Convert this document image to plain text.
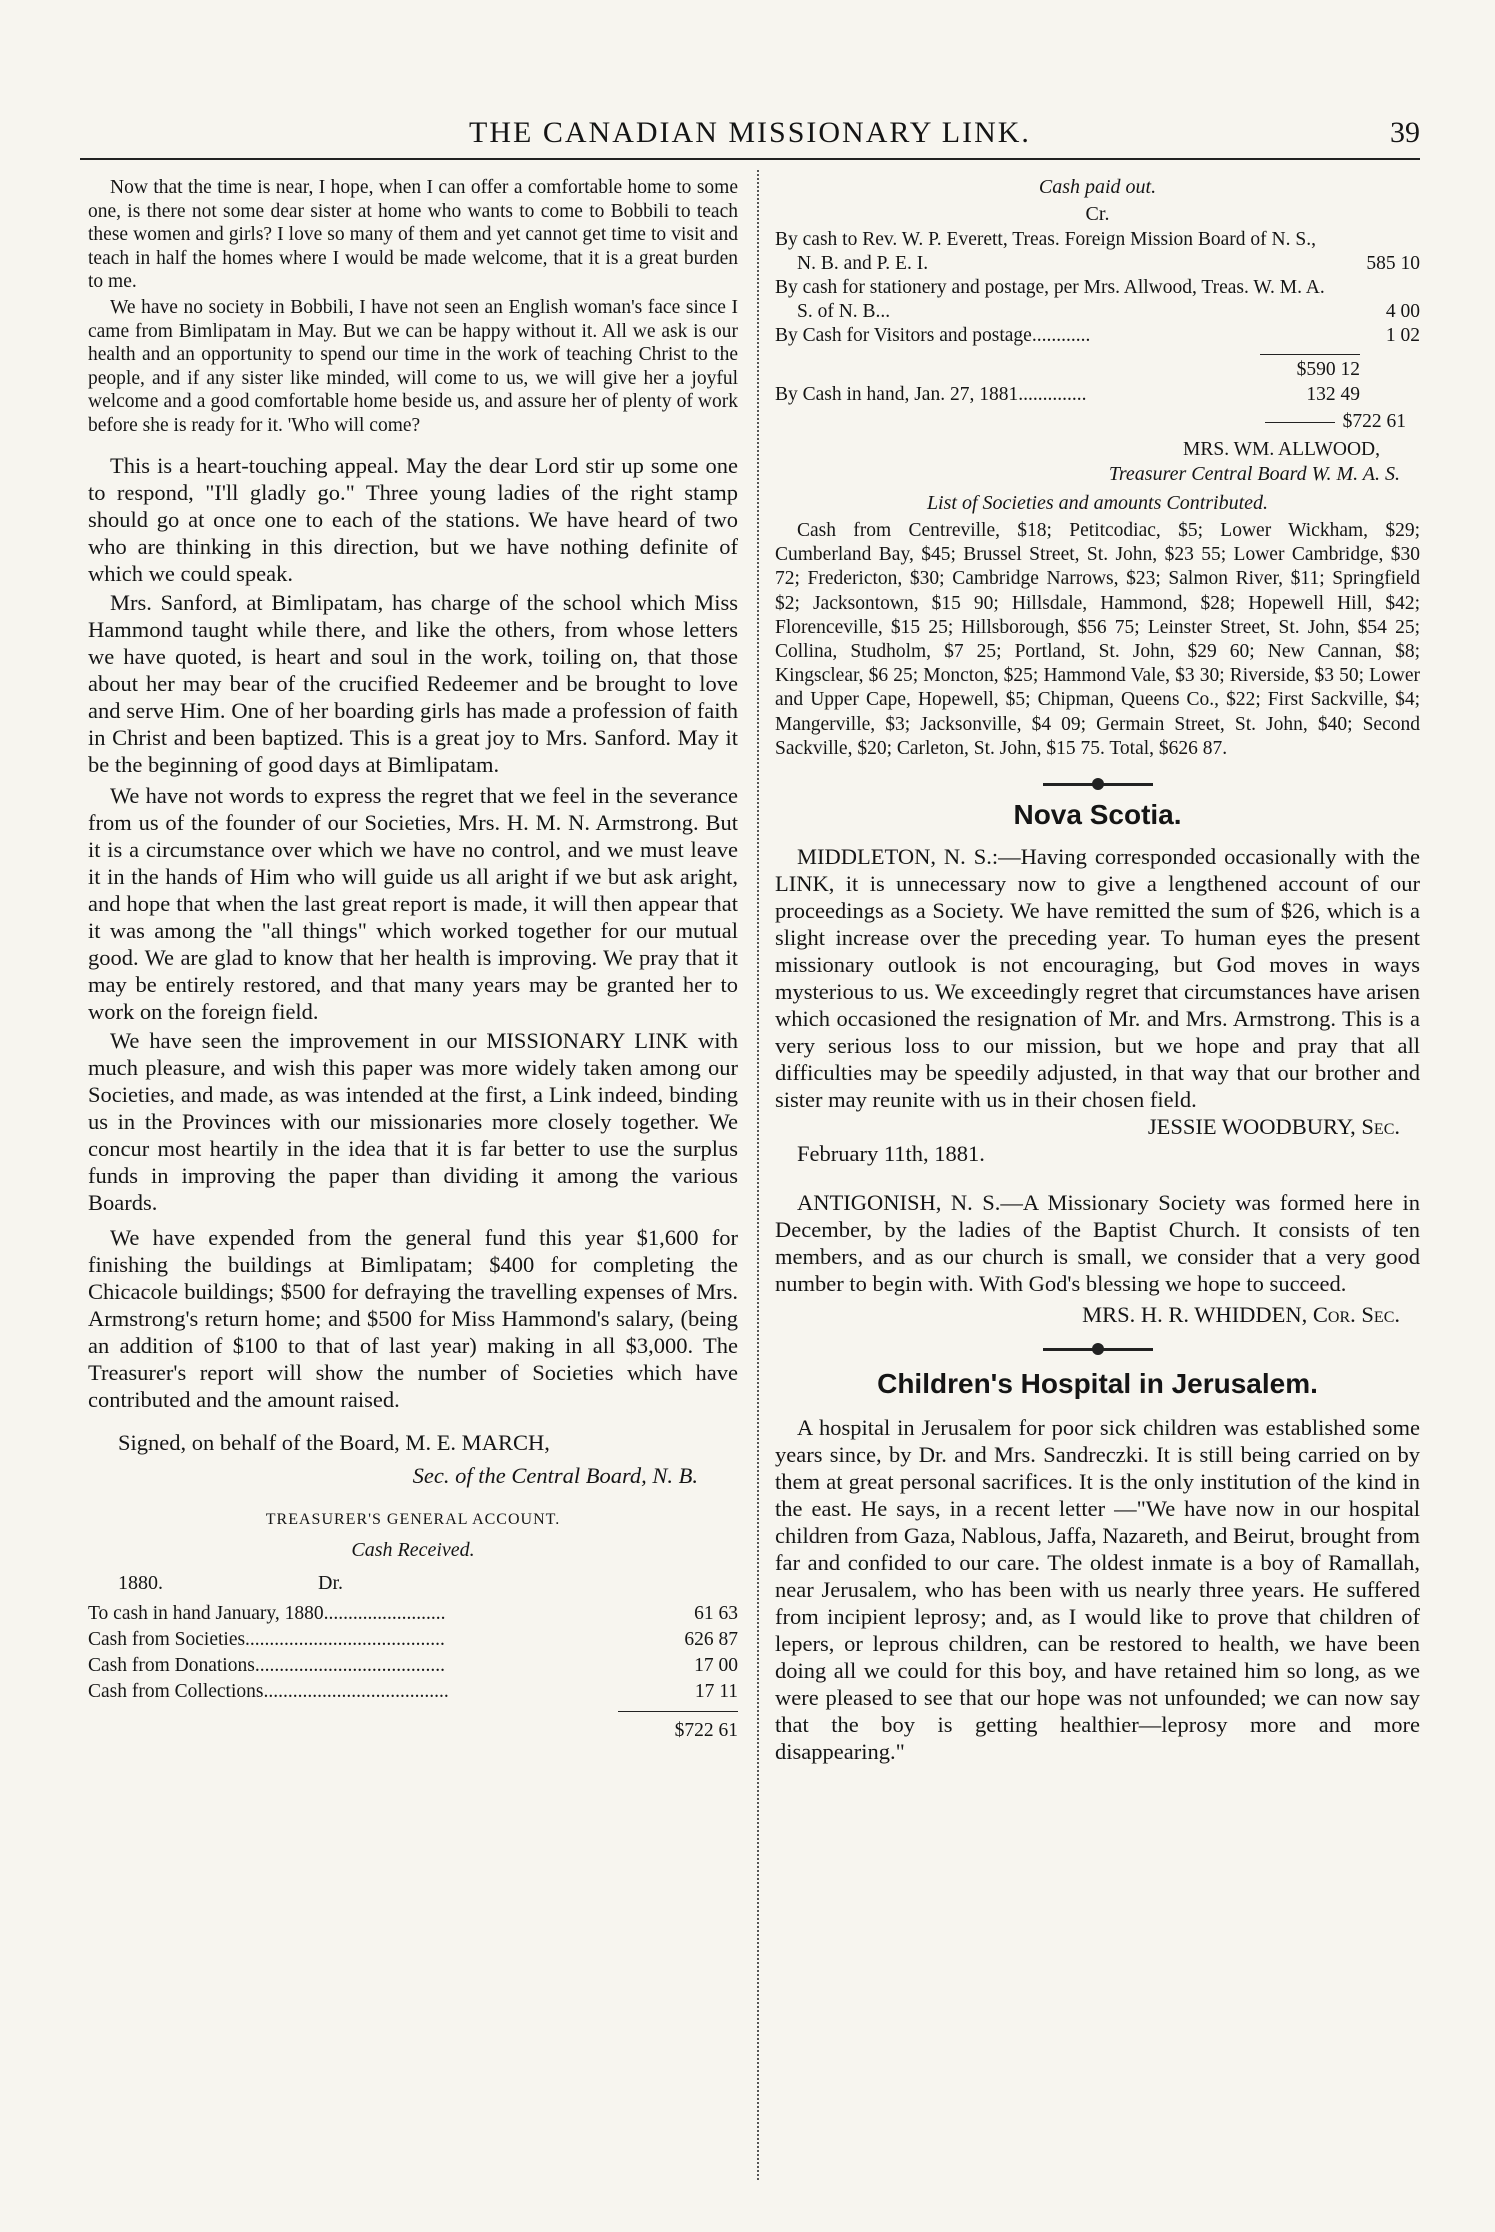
THE CANADIAN MISSIONARY LINK.	39

Now that the time is near, I hope, when I can offer a comfortable home to some one, is there not some dear sister at home who wants to come to Bobbili to teach these women and girls? I love so many of them and yet cannot get time to visit and teach in half the homes where I would be made welcome, that it is a great burden to me.

We have no society in Bobbili, I have not seen an English woman's face since I came from Bimlipatam in May. But we can be happy without it. All we ask is our health and an opportunity to spend our time in the work of teaching Christ to the people, and if any sister like minded, will come to us, we will give her a joyful welcome and a good comfortable home beside us, and assure her of plenty of work before she is ready for it. 'Who will come?

This is a heart-touching appeal. May the dear Lord stir up some one to respond, "I'll gladly go." Three young ladies of the right stamp should go at once one to each of the stations. We have heard of two who are thinking in this direction, but we have nothing definite of which we could speak.

Mrs. Sanford, at Bimlipatam, has charge of the school which Miss Hammond taught while there, and like the others, from whose letters we have quoted, is heart and soul in the work, toiling on, that those about her may bear of the crucified Redeemer and be brought to love and serve Him. One of her boarding girls has made a profession of faith in Christ and been baptized. This is a great joy to Mrs. Sanford. May it be the beginning of good days at Bimlipatam.

We have not words to express the regret that we feel in the severance from us of the founder of our Societies, Mrs. H. M. N. Armstrong. But it is a circumstance over which we have no control, and we must leave it in the hands of Him who will guide us all aright if we but ask aright, and hope that when the last great report is made, it will then appear that it was among the "all things" which worked together for our mutual good. We are glad to know that her health is improving. We pray that it may be entirely restored, and that many years may be granted her to work on the foreign field.

We have seen the improvement in our MISSIONARY LINK with much pleasure, and wish this paper was more widely taken among our Societies, and made, as was intended at the first, a Link indeed, binding us in the Provinces with our missionaries more closely together. We concur most heartily in the idea that it is far better to use the surplus funds in improving the paper than dividing it among the various Boards.

We have expended from the general fund this year $1,600 for finishing the buildings at Bimlipatam; $400 for completing the Chicacole buildings; $500 for defraying the travelling expenses of Mrs. Armstrong's return home; and $500 for Miss Hammond's salary, (being an addition of $100 to that of last year) making in all $3,000. The Treasurer's report will show the number of Societies which have contributed and the amount raised.

Signed, on behalf of the Board, M. E. MARCH,

Sec. of the Central Board, N. B.

TREASURER'S GENERAL ACCOUNT.

Cash Received.

1880.	Dr.
To cash in hand January, 1880.........................	61 63
Cash from Societies.........................................	626 87
Cash from Donations.......................................	17 00
Cash from Collections......................................	17 11
$722 61

Cash paid out.

Cr.

By cash to Rev. W. P. Everett, Treas. Foreign Mission Board of N. S., N. B. and P. E. I.	585 10
By cash for stationery and postage, per Mrs. Allwood, Treas. W. M. A. S. of N. B...	4 00
By Cash for Visitors and postage............	1 02
$590 12
By Cash in hand, Jan. 27, 1881..............	132 49
$722 61

MRS. WM. ALLWOOD,

Treasurer Central Board W. M. A. S.

List of Societies and amounts Contributed.

Cash from Centreville, $18; Petitcodiac, $5; Lower Wickham, $29; Cumberland Bay, $45; Brussel Street, St. John, $23 55; Lower Cambridge, $30 72; Fredericton, $30; Cambridge Narrows, $23; Salmon River, $11; Springfield $2; Jacksontown, $15 90; Hillsdale, Hammond, $28; Hopewell Hill, $42; Florenceville, $15 25; Hillsborough, $56 75; Leinster Street, St. John, $54 25; Collina, Studholm, $7 25; Portland, St. John, $29 60; New Cannan, $8; Kingsclear, $6 25; Moncton, $25; Hammond Vale, $3 30; Riverside, $3 50; Lower and Upper Cape, Hopewell, $5; Chipman, Queens Co., $22; First Sackville, $4; Mangerville, $3; Jacksonville, $4 09; Germain Street, St. John, $40; Second Sackville, $20; Carleton, St. John, $15 75. Total, $626 87.

Nova Scotia.

MIDDLETON, N. S.:—Having corresponded occasionally with the LINK, it is unnecessary now to give a lengthened account of our proceedings as a Society. We have remitted the sum of $26, which is a slight increase over the preceding year. To human eyes the present missionary outlook is not encouraging, but God moves in ways mysterious to us. We exceedingly regret that circumstances have arisen which occasioned the resignation of Mr. and Mrs. Armstrong. This is a very serious loss to our mission, but we hope and pray that all difficulties may be speedily adjusted, in that way that our brother and sister may reunite with us in their chosen field.

JESSIE WOODBURY, Sec.

February 11th, 1881.

ANTIGONISH, N. S.—A Missionary Society was formed here in December, by the ladies of the Baptist Church. It consists of ten members, and as our church is small, we consider that a very good number to begin with. With God's blessing we hope to succeed.

MRS. H. R. WHIDDEN, Cor. Sec.

Children's Hospital in Jerusalem.

A hospital in Jerusalem for poor sick children was established some years since, by Dr. and Mrs. Sandreczki. It is still being carried on by them at great personal sacrifices. It is the only institution of the kind in the east. He says, in a recent letter —"We have now in our hospital children from Gaza, Nablous, Jaffa, Nazareth, and Beirut, brought from far and confided to our care. The oldest inmate is a boy of Ramallah, near Jerusalem, who has been with us nearly three years. He suffered from incipient leprosy; and, as I would like to prove that children of lepers, or leprous children, can be restored to health, we have been doing all we could for this boy, and have retained him so long, as we were pleased to see that our hope was not unfounded; we can now say that the boy is getting healthier—leprosy more and more disappearing."
